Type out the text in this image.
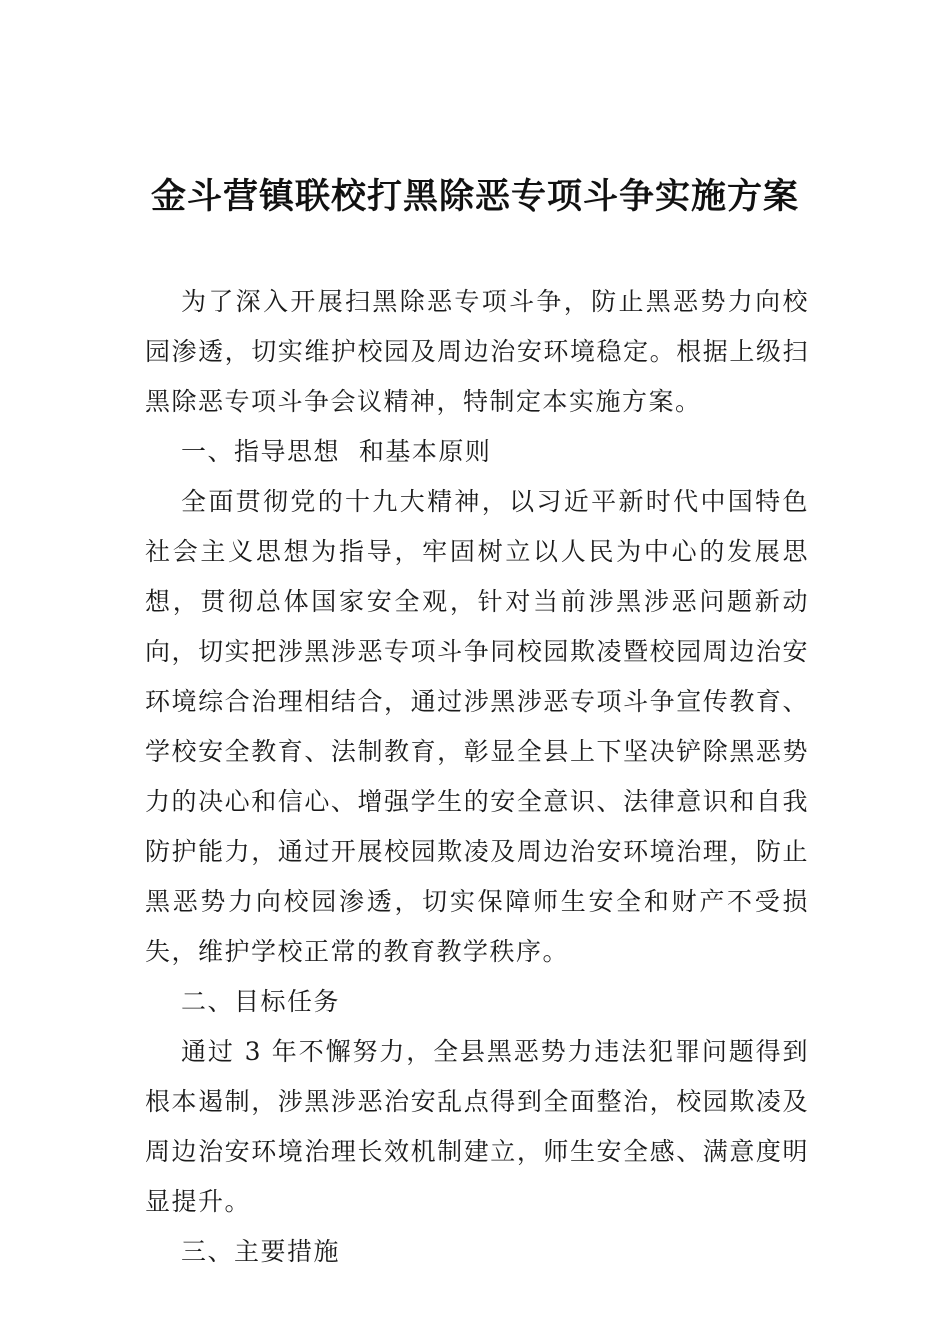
金斗营镇联校打黑除恶专项斗争实施方案

为了深入开展扫黑除恶专项斗争，防止黑恶势力向校园渗透，切实维护校园及周边治安环境稳定。根据上级扫黑除恶专项斗争会议精神，特制定本实施方案。

一、指导思想  和基本原则

全面贯彻党的十九大精神，以习近平新时代中国特色社会主义思想为指导，牢固树立以人民为中心的发展思想，贯彻总体国家安全观，针对当前涉黑涉恶问题新动向，切实把涉黑涉恶专项斗争同校园欺凌暨校园周边治安环境综合治理相结合，通过涉黑涉恶专项斗争宣传教育、学校安全教育、法制教育，彰显全县上下坚决铲除黑恶势力的决心和信心、增强学生的安全意识、法律意识和自我防护能力，通过开展校园欺凌及周边治安环境治理，防止黑恶势力向校园渗透，切实保障师生安全和财产不受损失，维护学校正常的教育教学秩序。

二、目标任务

通过 3 年不懈努力，全县黑恶势力违法犯罪问题得到根本遏制，涉黑涉恶治安乱点得到全面整治，校园欺凌及周边治安环境治理长效机制建立，师生安全感、满意度明显提升。

三、主要措施
